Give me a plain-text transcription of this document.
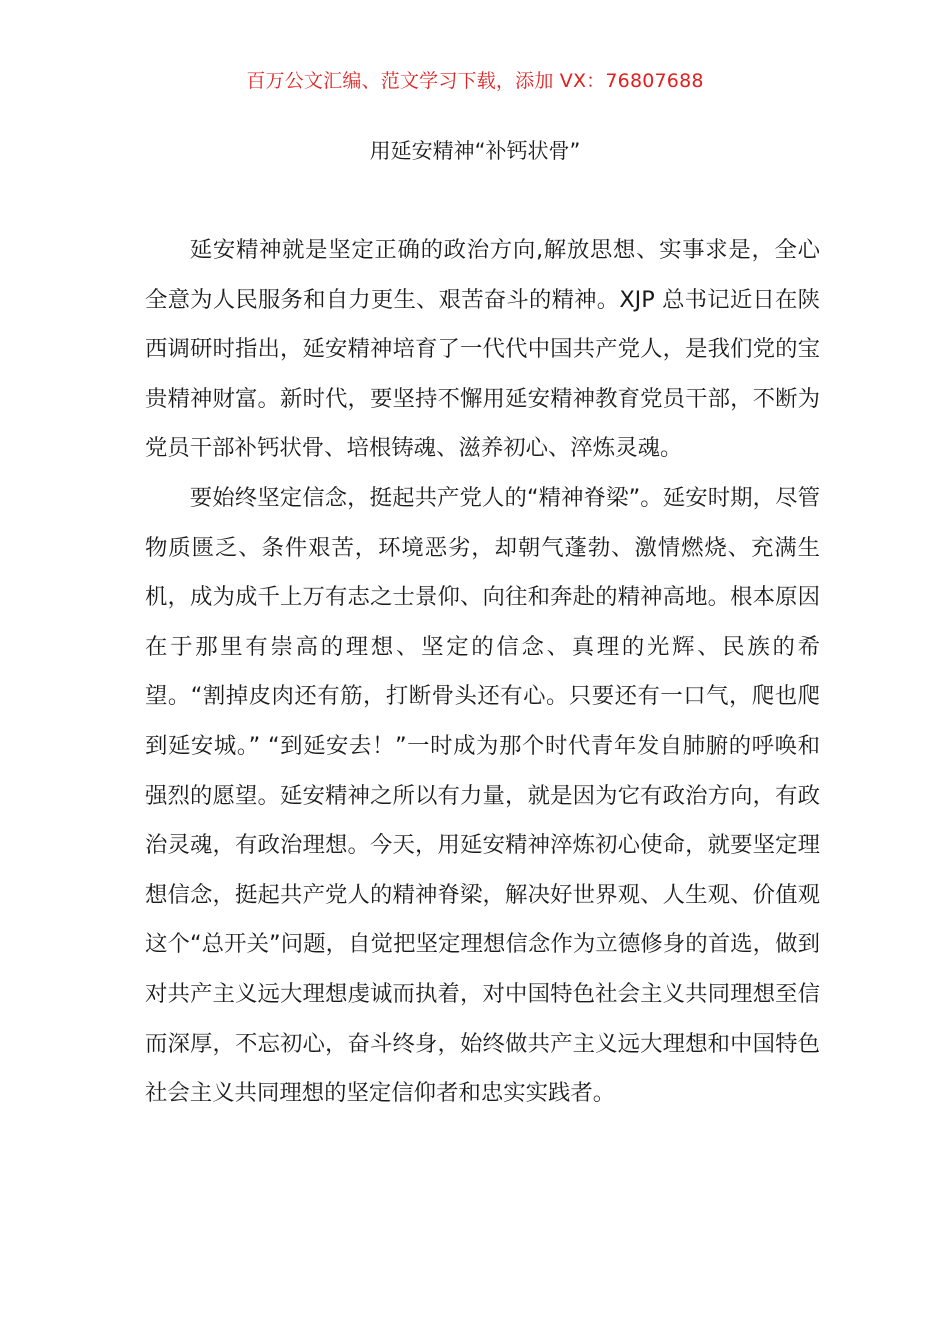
百万公文汇编、范文学习下载，添加 VX：76807688
用延安精神“补钙状骨”

延安精神就是坚定正确的政治方向,解放思想、实事求是，全心全意为人民服务和自力更生、艰苦奋斗的精神。XJP 总书记近日在陕西调研时指出，延安精神培育了一代代中国共产党人，是我们党的宝贵精神财富。新时代，要坚持不懈用延安精神教育党员干部，不断为党员干部补钙状骨、培根铸魂、滋养初心、淬炼灵魂。

要始终坚定信念，挺起共产党人的“精神脊梁”。延安时期，尽管物质匮乏、条件艰苦，环境恶劣，却朝气蓬勃、激情燃烧、充满生机，成为成千上万有志之士景仰、向往和奔赴的精神高地。根本原因在于那里有崇高的理想、坚定的信念、真理的光辉、民族的希望。“割掉皮肉还有筋，打断骨头还有心。只要还有一口气，爬也爬到延安城。” “到延安去！”一时成为那个时代青年发自肺腑的呼唤和强烈的愿望。延安精神之所以有力量，就是因为它有政治方向，有政治灵魂，有政治理想。今天，用延安精神淬炼初心使命，就要坚定理想信念，挺起共产党人的精神脊梁，解决好世界观、人生观、价值观这个“总开关”问题，自觉把坚定理想信念作为立德修身的首选，做到对共产主义远大理想虔诚而执着，对中国特色社会主义共同理想至信而深厚，不忘初心，奋斗终身，始终做共产主义远大理想和中国特色社会主义共同理想的坚定信仰者和忠实实践者。
